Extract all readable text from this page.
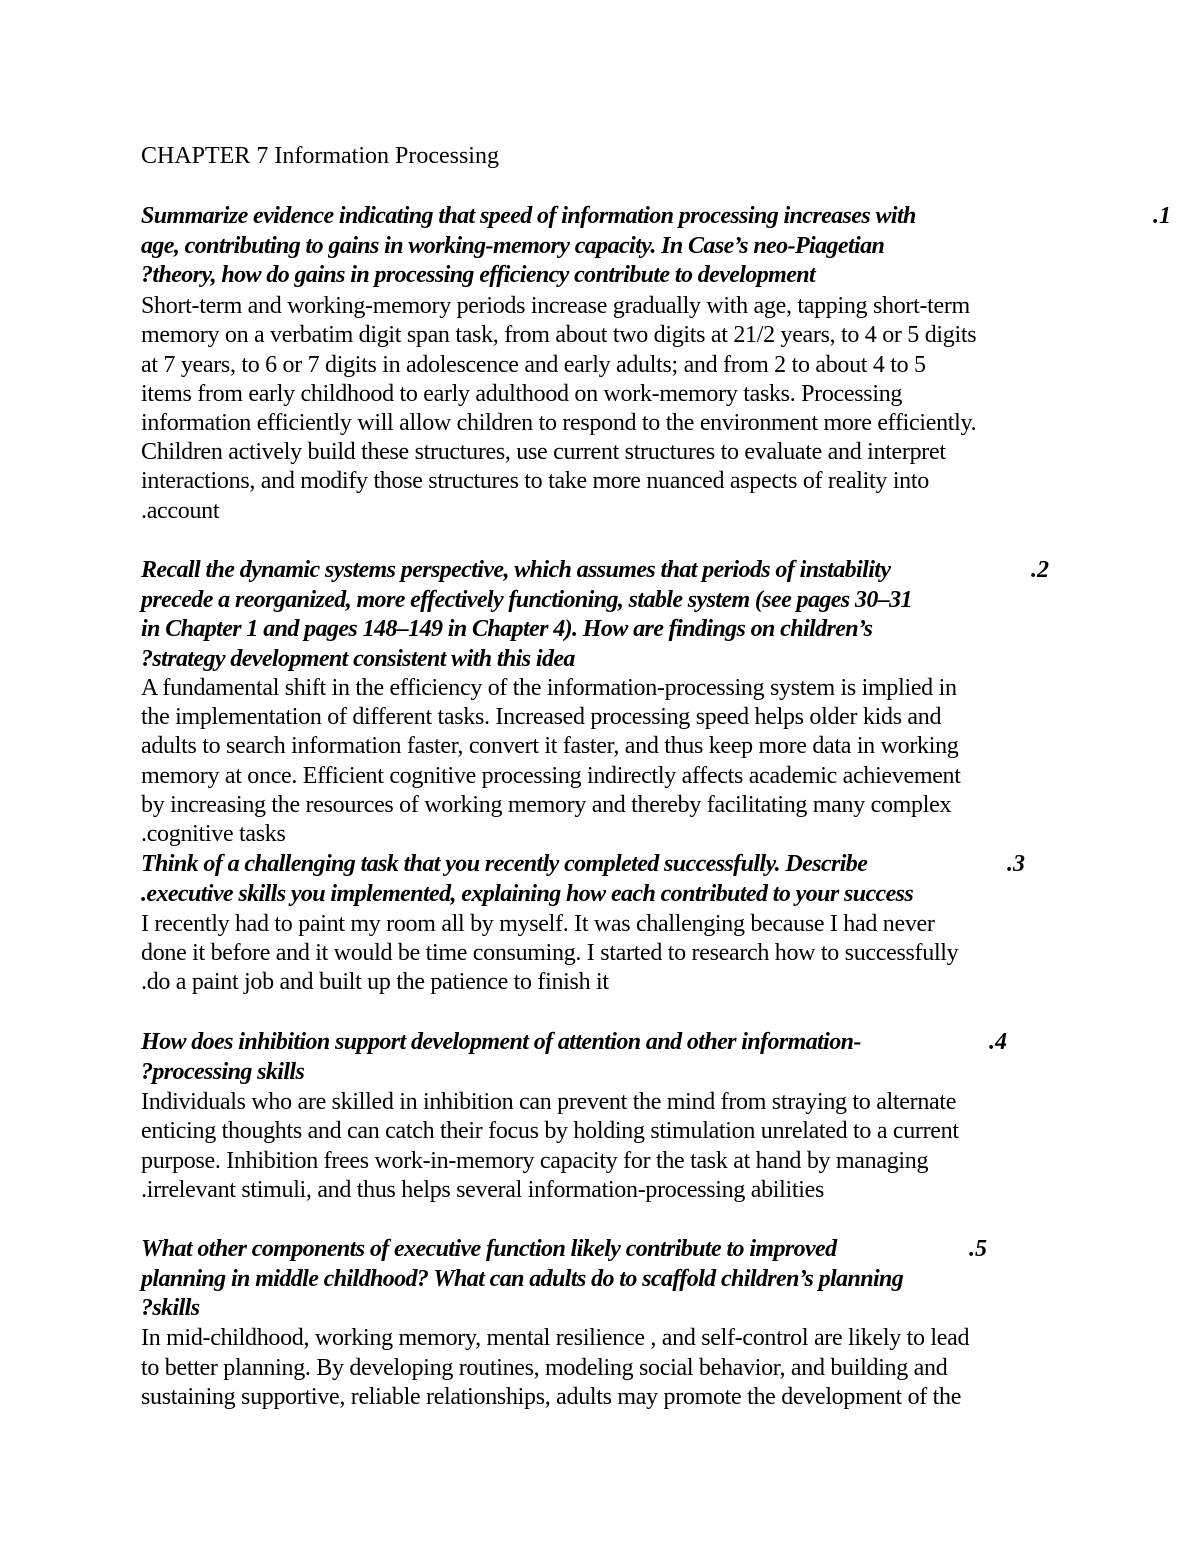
CHAPTER 7 Information Processing
.1
Summarize evidence indicating that speed of information processing increases with
age, contributing to gains in working-memory capacity. In Case’s neo-Piagetian
?theory, how do gains in processing efficiency contribute to development
Short-term and working-memory periods increase gradually with age, tapping short-term
memory on a verbatim digit span task, from about two digits at 21/2 years, to 4 or 5 digits
at 7 years, to 6 or 7 digits in adolescence and early adults; and from 2 to about 4 to 5
items from early childhood to early adulthood on work-memory tasks. Processing
information efficiently will allow children to respond to the environment more efficiently.
Children actively build these structures, use current structures to evaluate and interpret
interactions, and modify those structures to take more nuanced aspects of reality into
.account
.2
Recall the dynamic systems perspective, which assumes that periods of instability
precede a reorganized, more effectively functioning, stable system (see pages 30–31
in Chapter 1 and pages 148–149 in Chapter 4). How are findings on children’s
?strategy development consistent with this idea
A fundamental shift in the efficiency of the information-processing system is implied in
the implementation of different tasks. Increased processing speed helps older kids and
adults to search information faster, convert it faster, and thus keep more data in working
memory at once. Efficient cognitive processing indirectly affects academic achievement
by increasing the resources of working memory and thereby facilitating many complex
.cognitive tasks
.3
Think of a challenging task that you recently completed successfully. Describe
.executive skills you implemented, explaining how each contributed to your success
I recently had to paint my room all by myself. It was challenging because I had never
done it before and it would be time consuming. I started to research how to successfully
.do a paint job and built up the patience to finish it
.4
How does inhibition support development of attention and other information-
?processing skills
Individuals who are skilled in inhibition can prevent the mind from straying to alternate
enticing thoughts and can catch their focus by holding stimulation unrelated to a current
purpose. Inhibition frees work-in-memory capacity for the task at hand by managing
.irrelevant stimuli, and thus helps several information-processing abilities
.5
What other components of executive function likely contribute to improved
planning in middle childhood? What can adults do to scaffold children’s planning
?skills
In mid-childhood, working memory, mental resilience , and self-control are likely to lead
to better planning. By developing routines, modeling social behavior, and building and
sustaining supportive, reliable relationships, adults may promote the development of the
